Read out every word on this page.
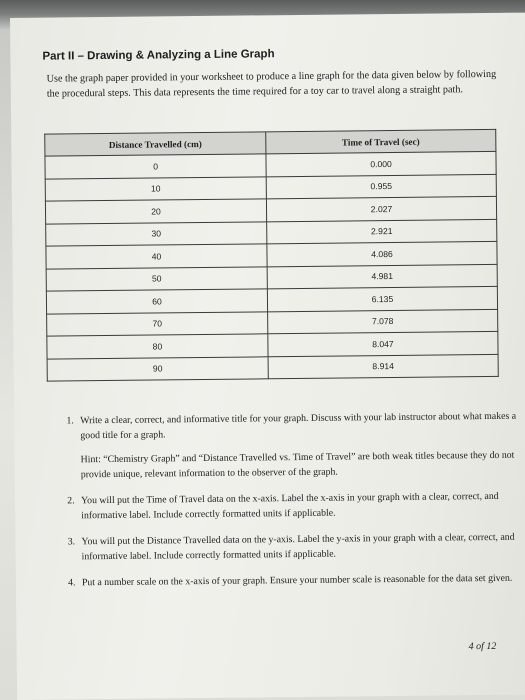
Part II – Drawing & Analyzing a Line Graph
Use the graph paper provided in your worksheet to produce a line graph for the data given below by following the procedural steps. This data represents the time required for a toy car to travel along a straight path.
Distance Travelled (cm)	Time of Travel (sec)
0	0.000
10	0.955
20	2.027
30	2.921
40	4.086
50	4.981
60	6.135
70	7.078
80	8.047
90	8.914
1. Write a clear, correct, and informative title for your graph. Discuss with your lab instructor about what makes a good title for a graph.
Hint: “Chemistry Graph” and “Distance Travelled vs. Time of Travel” are both weak titles because they do not provide unique, relevant information to the observer of the graph.
2. You will put the Time of Travel data on the x-axis. Label the x-axis in your graph with a clear, correct, and informative label. Include correctly formatted units if applicable.
3. You will put the Distance Travelled data on the y-axis. Label the y-axis in your graph with a clear, correct, and informative label. Include correctly formatted units if applicable.
4. Put a number scale on the x-axis of your graph. Ensure your number scale is reasonable for the data set given.
4 of 12
